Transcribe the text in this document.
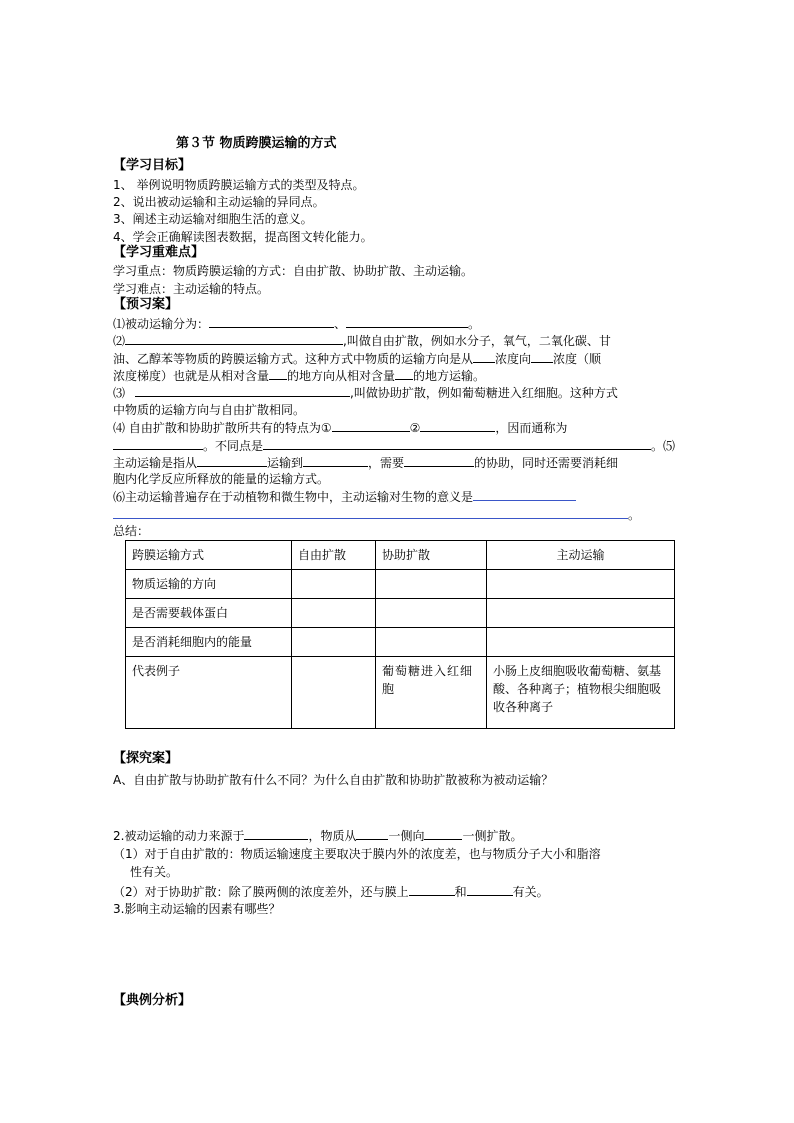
第３节 物质跨膜运输的方式
【学习目标】

1、 举例说明物质跨膜运输方式的类型及特点。

2、说出被动运输和主动运输的异同点。

3、阐述主动运输对细胞生活的意义。

4、学会正确解读图表数据，提高图文转化能力。

【学习重难点】

学习重点：物质跨膜运输的方式：自由扩散、协助扩散、主动运输。

学习难点：主动运输的特点。

【预习案】

⑴被动运输分为：	、	。

⑵	,叫做自由扩散，例如水分子，氧气，二氧化碳、甘

油、乙醇苯等物质的跨膜运输方式。这种方式中物质的运输方向是从 浓度向 浓度（顺

浓度梯度）也就是从相对含量 的地方向从相对含量 的地方运输。

⑶	,叫做协助扩散，例如葡萄糖进入红细胞。这种方式

中物质的运输方向与自由扩散相同。

⑷ 自由扩散和协助扩散所共有的特点为①	②	，因而通称为

。不同点是	。⑸

主动运输是指从	运输到	，需要	的协助，同时还需要消耗细

胞内化学反应所释放的能量的运输方式。

⑹主动运输普遍存在于动植物和微生物中，主动运输对生物的意义是

。

总结：

跨膜运输方式	自由扩散	协助扩散	主动运输
物质运输的方向			
是否需要载体蛋白			
是否消耗细胞内的能量			
代表例子		葡萄糖进入红细胞	小肠上皮细胞吸收葡萄糖、氨基酸、各种离子；植物根尖细胞吸收各种离子
【探究案】

A、自由扩散与协助扩散有什么不同？为什么自由扩散和协助扩散被称为被动运输？

2.被动运输的动力来源于	，物质从	一侧向	一侧扩散。

（1）对于自由扩散的：物质运输速度主要取决于膜内外的浓度差，也与物质分子大小和脂溶

性有关。

（2）对于协助扩散：除了膜两侧的浓度差外，还与膜上	和	有关。

3.影响主动运输的因素有哪些？

【典例分析】
